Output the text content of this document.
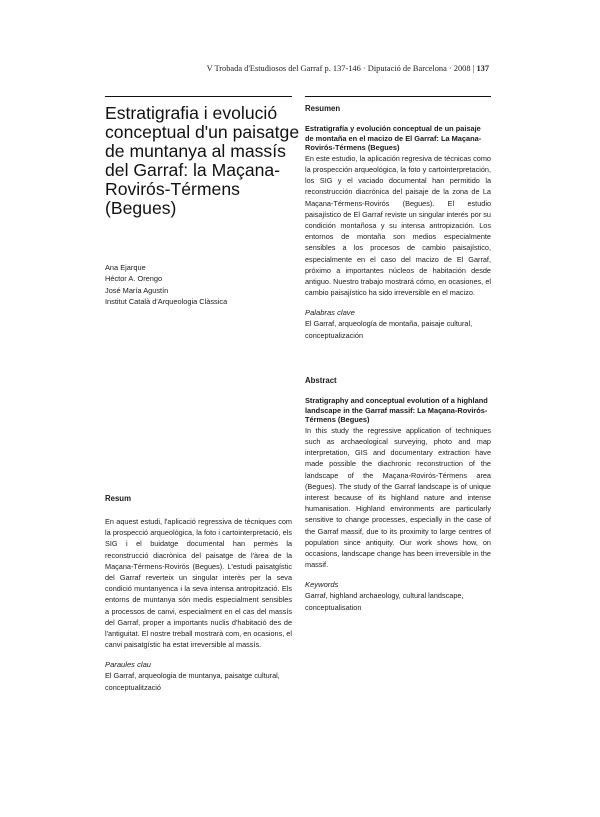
V Trobada d'Estudiosos del Garraf p. 137-146 · Diputació de Barcelona · 2008 | 137
Estratigrafia i evolució conceptual d'un paisatge de muntanya al massís del Garraf: la Maçana-Rovirós-Térmens (Begues)
Ana Ejarque
Héctor A. Orengo
José María Agustín
Institut Català d'Arqueologia Clàssica
Resum

En aquest estudi, l'aplicació regressiva de tècniques com la prospecció arqueològica, la foto i cartointerpretació, els SIG i el buidatge documental han permès la reconstrucció diacrònica del paisatge de l'àrea de la Maçana-Térmens-Rovirós (Begues). L'estudi paisatgístic del Garraf reverteix un singular interès per la seva condició muntanyenca i la seva intensa antropització. Els entorns de muntanya són medis especialment sensibles a processos de canvi, especialment en el cas del massís del Garraf, proper a importants nuclis d'habitació des de l'antiguitat. El nostre treball mostrarà com, en ocasions, el canvi paisatgístic ha estat irreversible al massís.

Paraules clau

El Garraf, arqueologia de muntanya, paisatge cultural, conceptualització

Resumen

Estratigrafía y evolución conceptual de un paisaje de montaña en el macizo de El Garraf: La Maçana-Rovirós-Térmens (Begues)

En este estudio, la aplicación regresiva de técnicas como la prospección arqueológica, la foto y cartointerpretación, los SIG y el vaciado documental han permitido la reconstrucción diacrónica del paisaje de la zona de La Maçana-Térmens-Rovirós (Begues). El estudio paisajístico de El Garraf reviste un singular interés por su condición montañosa y su intensa antropización. Los entornos de montaña son medios especialmente sensibles a los procesos de cambio paisajístico, especialmente en el caso del macizo de El Garraf, próximo a importantes núcleos de habitación desde antiguo. Nuestro trabajo mostrará cómo, en ocasiones, el cambio paisajístico ha sido irreversible en el macizo.

Palabras clave

El Garraf, arqueología de montaña, paisaje cultural, conceptualización

Abstract

Stratigraphy and conceptual evolution of a highland landscape in the Garraf massif: La Maçana-Rovirós-Térmens (Begues)

In this study the regressive application of techniques such as archaeological surveying, photo and map interpretation, GIS and documentary extraction have made possible the diachronic reconstruction of the landscape of the Maçana-Rovirós-Térmens area (Begues). The study of the Garraf landscape is of unique interest because of its highland nature and intense humanisation. Highland environments are particularly sensitive to change processes, especially in the case of the Garraf massif, due to its proximity to large centres of population since antiquity. Our work shows how, on occasions, landscape change has been irreversible in the massif.

Keywords

Garraf, highland archaeology, cultural landscape, conceptualisation
